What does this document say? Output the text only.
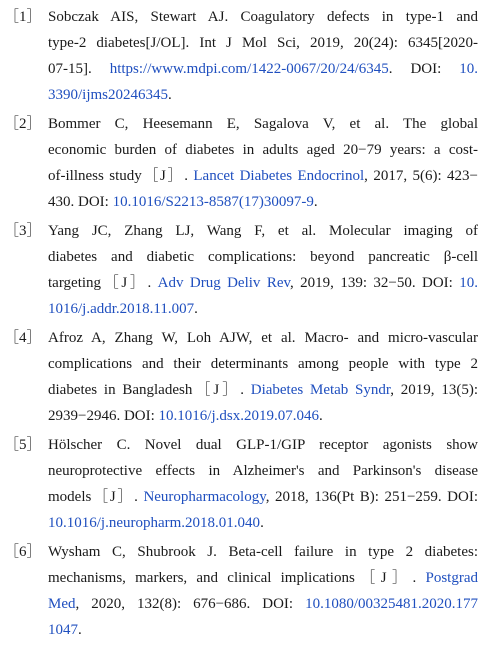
［1］ Sobczak AIS, Stewart AJ. Coagulatory defects in type-1 and
type-2 diabetes[J/OL]. Int J Mol Sci, 2019, 20(24): 6345[2020-
07-15]. https://www.mdpi.com/1422-0067/20/24/6345. DOI: 10.
3390/ijms20246345.
［2］ Bommer C, Heesemann E, Sagalova V, et al. The global
economic burden of diabetes in adults aged 20−79 years: a cost-
of-illness study［J］. Lancet Diabetes Endocrinol, 2017, 5(6): 423−
430. DOI: 10.1016/S2213-8587(17)30097-9.
［3］ Yang JC, Zhang LJ, Wang F, et al. Molecular imaging of
diabetes and diabetic complications: beyond pancreatic β-cell
targeting［J］. Adv Drug Deliv Rev, 2019, 139: 32−50. DOI: 10.
1016/j.addr.2018.11.007.
［4］ Afroz A, Zhang W, Loh AJW, et al. Macro- and micro-vascular
complications and their determinants among people with type 2
diabetes in Bangladesh［J］. Diabetes Metab Syndr, 2019, 13(5):
2939−2946. DOI: 10.1016/j.dsx.2019.07.046.
［5］ Hölscher C. Novel dual GLP-1/GIP receptor agonists show
neuroprotective effects in Alzheimer's and Parkinson's disease
models［J］. Neuropharmacology, 2018, 136(Pt B): 251−259. DOI:
10.1016/j.neuropharm.2018.01.040.
［6］ Wysham C, Shubrook J. Beta-cell failure in type 2 diabetes:
mechanisms, markers, and clinical implications［J］. Postgrad
Med, 2020, 132(8): 676−686. DOI: 10.1080/00325481.2020.177
1047.
